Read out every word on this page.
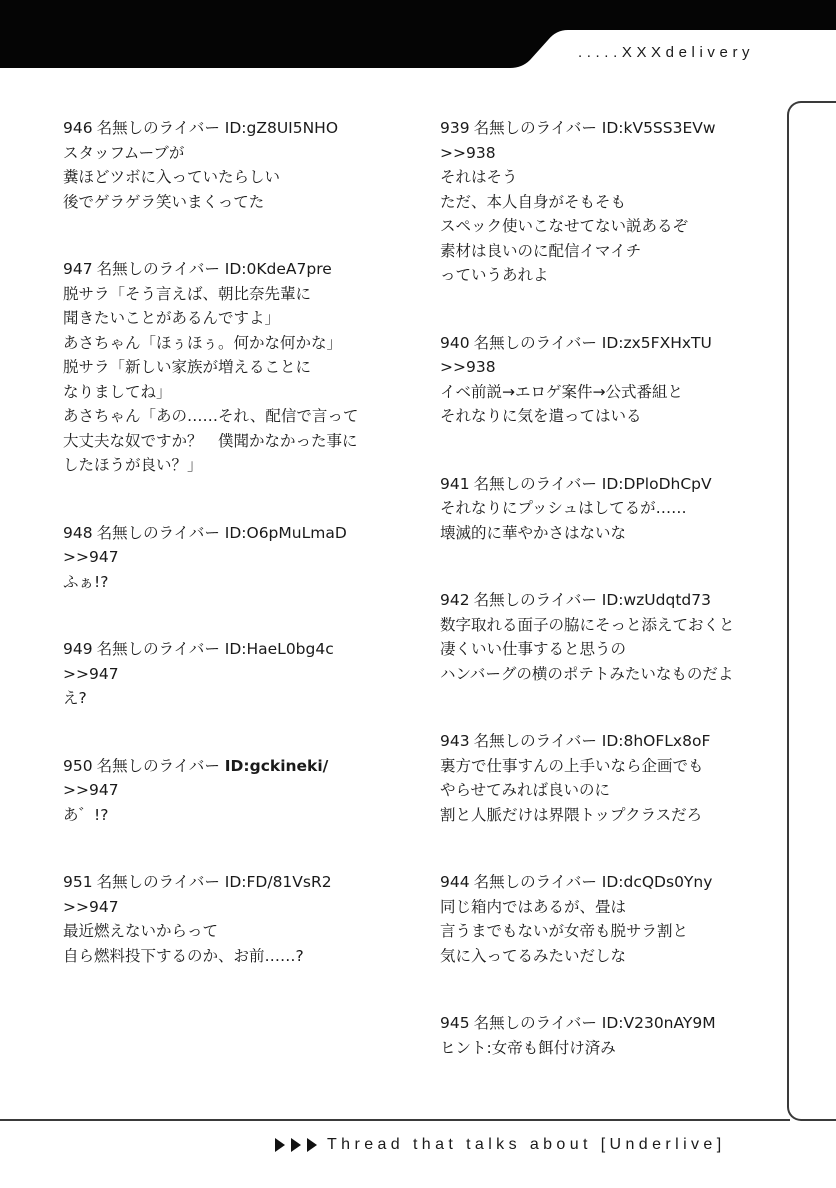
.....XXXdelivery
946 名無しのライバー ID:gZ8UI5NHO
スタッフムーブが
糞ほどツボに入っていたらしい
後でゲラゲラ笑いまくってた
947 名無しのライバー ID:0KdeA7pre
脱サラ「そう言えば、朝比奈先輩に
聞きたいことがあるんですよ」
あさちゃん「ほぅほぅ。何かな何かな」
脱サラ「新しい家族が増えることに
なりましてね」
あさちゃん「あの……それ、配信で言って
大丈夫な奴ですか？　僕聞かなかった事に
したほうが良い？」
948 名無しのライバー ID:O6pMuLmaD
>>947
ふぁ!?
949 名無しのライバー ID:HaeL0bg4c
>>947
え?
950 名無しのライバー ID:gckineki/
>>947
あ゛!?
951 名無しのライバー ID:FD/81VsR2
>>947
最近燃えないからって
自ら燃料投下するのか、お前……?
939 名無しのライバー ID:kV5SS3EVw
>>938
それはそう
ただ、本人自身がそもそも
スペック使いこなせてない説あるぞ
素材は良いのに配信イマイチ
っていうあれよ
940 名無しのライバー ID:zx5FXHxTU
>>938
イベ前説→エロゲ案件→公式番組と
それなりに気を遣ってはいる
941 名無しのライバー ID:DPloDhCpV
それなりにプッシュはしてるが……
壊滅的に華やかさはないな
942 名無しのライバー ID:wzUdqtd73
数字取れる面子の脇にそっと添えておくと
凄くいい仕事すると思うの
ハンバーグの横のポテトみたいなものだよ
943 名無しのライバー ID:8hOFLx8oF
裏方で仕事すんの上手いなら企画でも
やらせてみれば良いのに
割と人脈だけは界隈トップクラスだろ
944 名無しのライバー ID:dcQDs0Yny
同じ箱内ではあるが、畳は
言うまでもないが女帝も脱サラ割と
気に入ってるみたいだしな
945 名無しのライバー ID:V230nAY9M
ヒント:女帝も餌付け済み
Thread that talks about [Underlive]
